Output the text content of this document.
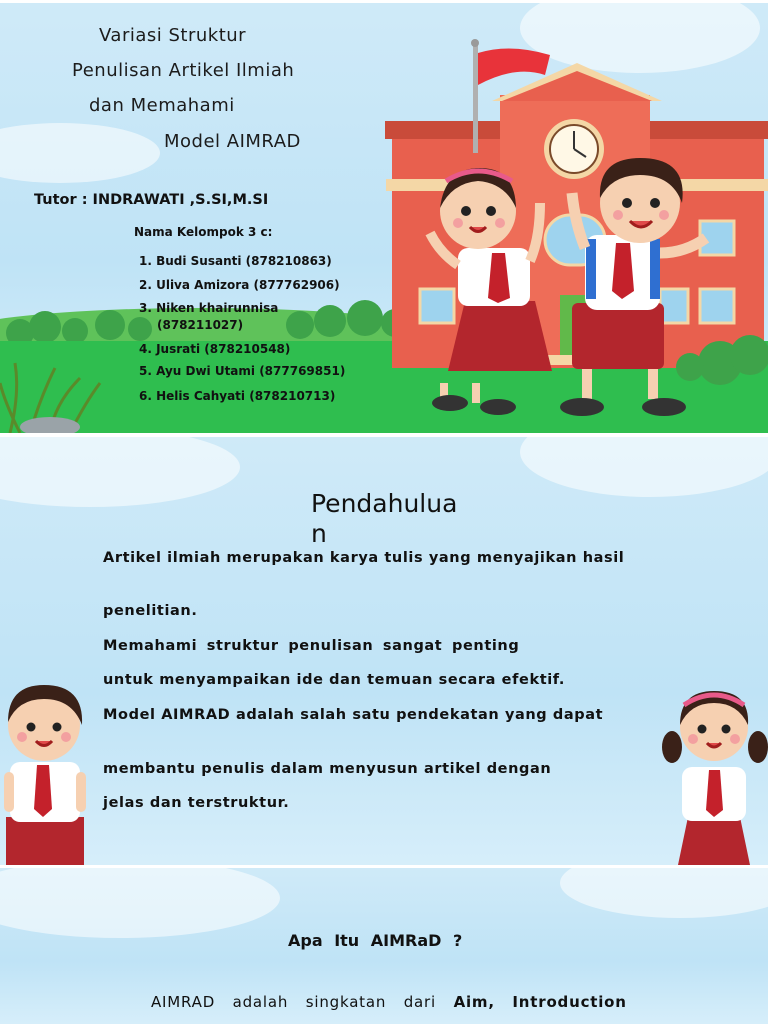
Variasi Struktur
Penulisan Artikel Ilmiah
dan Memahami
Model AIMRAD
Tutor : INDRAWATI ,S.SI,M.SI
Nama Kelompok 3 c:
1. Budi Susanti (878210863)
2. Uliva Amizora (877762906)
3. Niken khairunnisa
(878211027)
4. Jusrati (878210548)
5. Ayu Dwi Utami (877769851)
6. Helis Cahyati (878210713)
Pendahuluan
Artikel ilmiah merupakan karya tulis yang menyajikan hasil
penelitian.
Memahami struktur penulisan sangat penting
untuk menyampaikan ide dan temuan secara efektif.
Model AIMRAD adalah salah satu pendekatan yang dapat
membantu penulis dalam menyusun artikel dengan
jelas dan terstruktur.
Apa Itu AIMRaD ?
AIMRAD adalah singkatan dari Aim, Introduction
